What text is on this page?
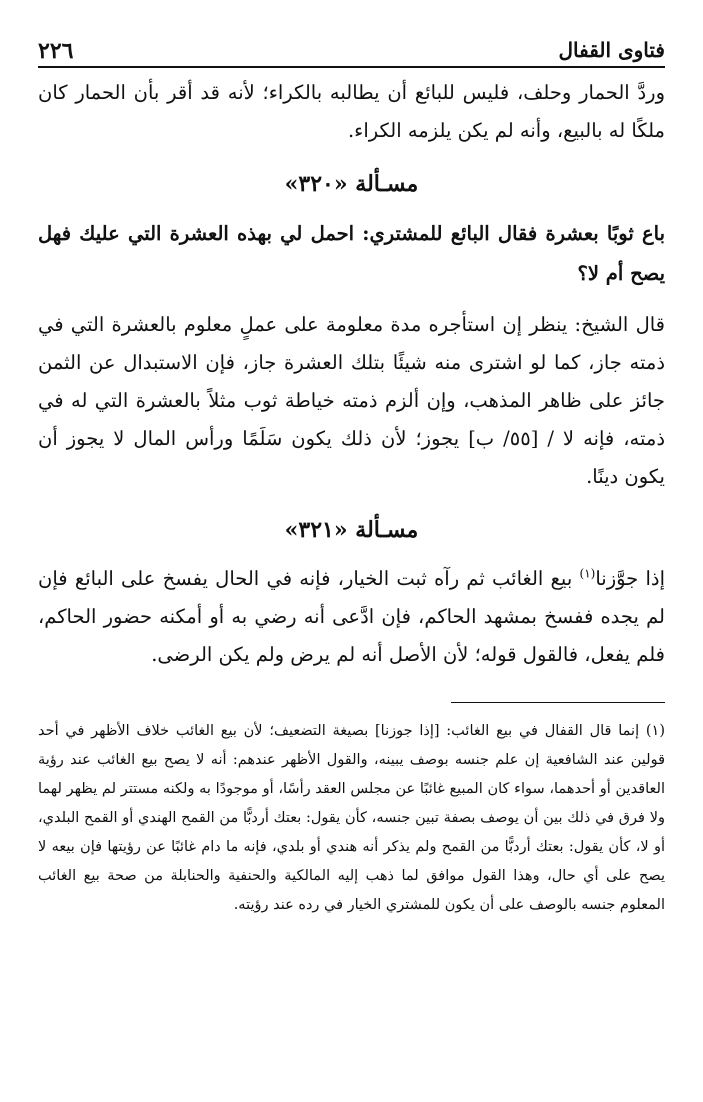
٢٢٦	فتاوى القفال

وردَّ الحمار وحلف، فليس للبائع أن يطالبه بالكراء؛ لأنه قد أقر بأن الحمار كان ملكًا له بالبيع، وأنه لم يكن يلزمه الكراء.

مسـألة «٣٢٠»

باع ثوبًا بعشرة فقال البائع للمشتري: احمل لي بهذه العشرة التي عليك فهل يصح أم لا؟

قال الشيخ: ينظر إن استأجره مدة معلومة على عملٍ معلوم بالعشرة التي في ذمته جاز، كما لو اشترى منه شيئًا بتلك العشرة جاز، فإن الاستبدال عن الثمن جائز على ظاهر المذهب، وإن ألزم ذمته خياطة ثوب مثلاً بالعشرة التي له في ذمته، فإنه لا / [٥٥/ ب] يجوز؛ لأن ذلك يكون سَلَمًا ورأس المال لا يجوز أن يكون دينًا.

مسـألة «٣٢١»

إذا جوَّزنا$^{(١)}$ بيع الغائب ثم رآه ثبت الخيار، فإنه في الحال يفسخ على البائع فإن لم يجده ففسخ بمشهد الحاكم، فإن ادَّعى أنه رضي به أو أمكنه حضور الحاكم، فلم يفعل، فالقول قوله؛ لأن الأصل أنه لم يرض ولم يكن الرضى.

(١) إنما قال القفال في بيع الغائب: [إذا جوزنا] بصيغة التضعيف؛ لأن بيع الغائب خلاف الأظهر في أحد قولين عند الشافعية إن علم جنسه بوصف يبينه، والقول الأظهر عندهم: أنه لا يصح بيع الغائب عند رؤية العاقدين أو أحدهما، سواء كان المبيع غائبًا عن مجلس العقد رأسًا، أو موجودًا به ولكنه مستتر لم يظهر لهما ولا فرق في ذلك بين أن يوصف بصفة تبين جنسه، كأن يقول: بعتك أردبًّا من القمح الهندي أو القمح البلدي، أو لا، كأن يقول: بعتك أردبًّا من القمح ولم يذكر أنه هندي أو بلدي، فإنه ما دام غائبًا عن رؤيتها فإن بيعه لا يصح على أي حال، وهذا القول موافق لما ذهب إليه المالكية والحنفية والحنابلة من صحة بيع الغائب المعلوم جنسه بالوصف على أن يكون للمشتري الخيار في رده عند رؤيته.
